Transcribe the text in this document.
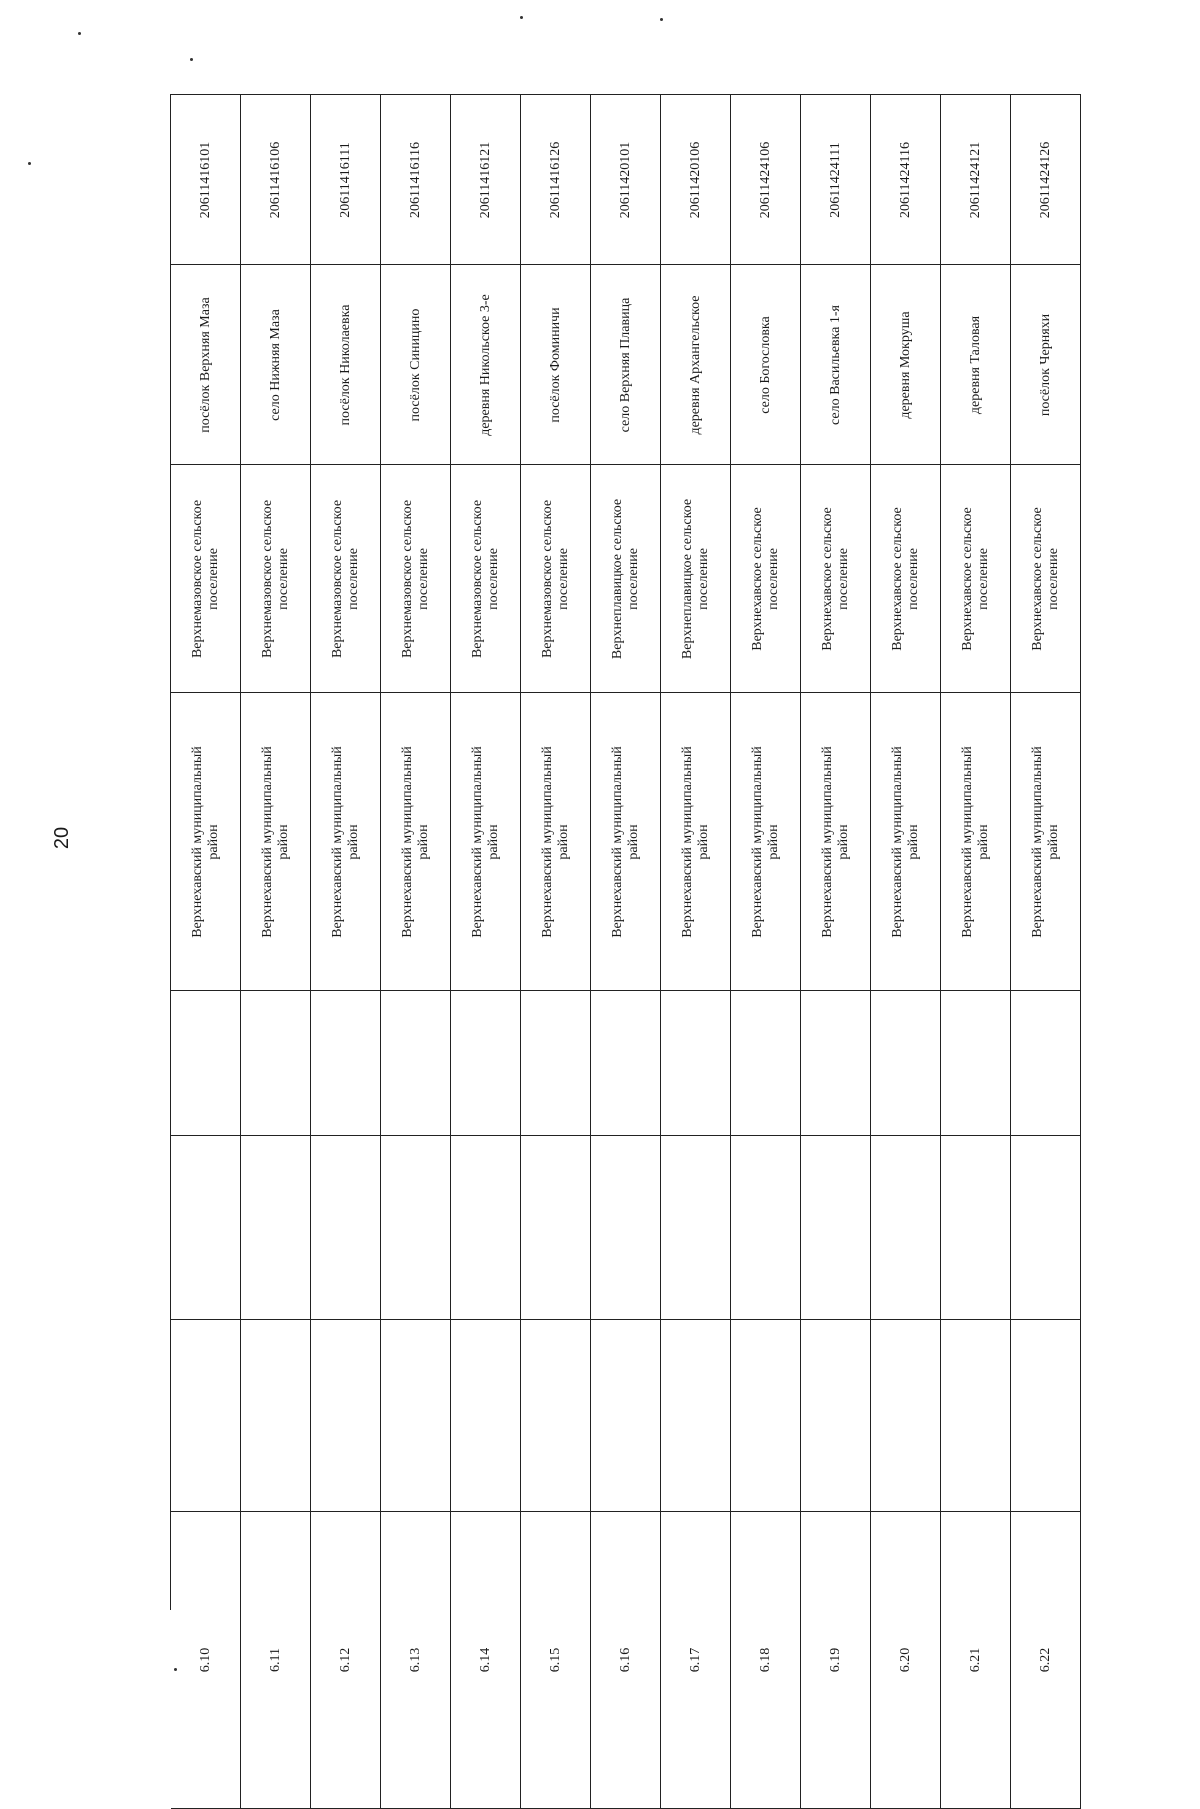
20
20611416101
посёлок Верхняя Маза
Верхнемазовское сельское поселение
Верхнехавский муниципальный район
6.10
20611416106
село Нижняя Маза
Верхнемазовское сельское поселение
Верхнехавский муниципальный район
6.11
20611416111
посёлок Николаевка
Верхнемазовское сельское поселение
Верхнехавский муниципальный район
6.12
20611416116
посёлок Синицино
Верхнемазовское сельское поселение
Верхнехавский муниципальный район
6.13
20611416121
деревня Никольское 3-е
Верхнемазовское сельское поселение
Верхнехавский муниципальный район
6.14
20611416126
посёлок Фоминичи
Верхнемазовское сельское поселение
Верхнехавский муниципальный район
6.15
20611420101
село Верхняя Плавица
Верхнеплавицкое сельское поселение
Верхнехавский муниципальный район
6.16
20611420106
деревня Архангельское
Верхнеплавицкое сельское поселение
Верхнехавский муниципальный район
6.17
20611424106
село Богословка
Верхнехавское сельское поселение
Верхнехавский муниципальный район
6.18
20611424111
село Васильевка 1-я
Верхнехавское сельское поселение
Верхнехавский муниципальный район
6.19
20611424116
деревня Мокруша
Верхнехавское сельское поселение
Верхнехавский муниципальный район
6.20
20611424121
деревня Таловая
Верхнехавское сельское поселение
Верхнехавский муниципальный район
6.21
20611424126
посёлок Черняхи
Верхнехавское сельское поселение
Верхнехавский муниципальный район
6.22
